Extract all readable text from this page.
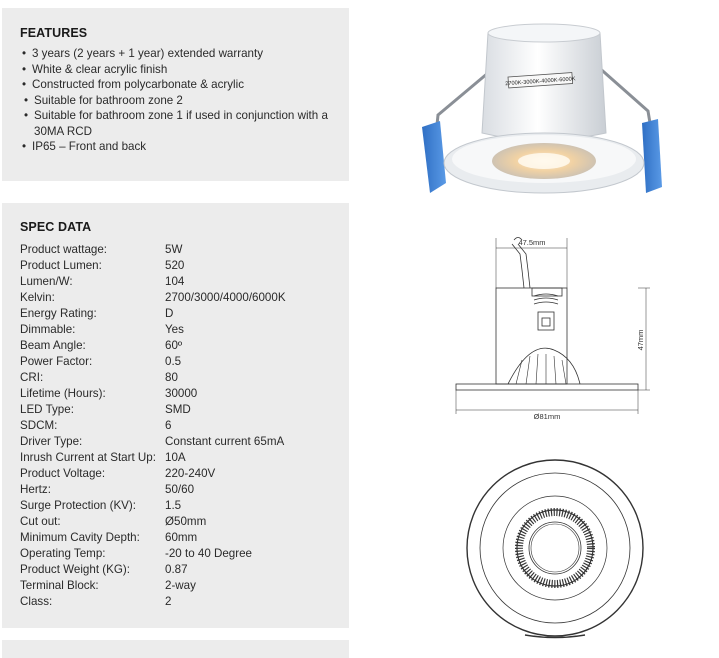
FEATURES
• 3 years (2 years + 1 year) extended warranty
• White & clear acrylic finish
• Constructed from polycarbonate & acrylic
• Suitable for bathroom zone 2
• Suitable for bathroom zone 1 if used in conjunction with a 30MA RCD
• IP65 – Front and back
SPEC DATA
Product wattage:	5W
Product Lumen:	520
Lumen/W:	104
Kelvin:	2700/3000/4000/6000K
Energy Rating:	D
Dimmable:	Yes
Beam Angle:	60º
Power Factor:	0.5
CRI:	80
Lifetime (Hours):	30000
LED Type:	SMD
SDCM:	6
Driver Type:	Constant current 65mA
Inrush Current at Start Up: 10A
Product Voltage:	220-240V
Hertz:	50/60
Surge Protection (KV):	1.5
Cut out:	Ø50mm
Minimum Cavity Depth: 60mm
Operating Temp:	-20 to 40 Degree
Product Weight (KG):	0.87
Terminal Block:	2-way
Class:	2
2700K-3000K-4000K-6000K
47.5mm
Ø81mm
47mm
